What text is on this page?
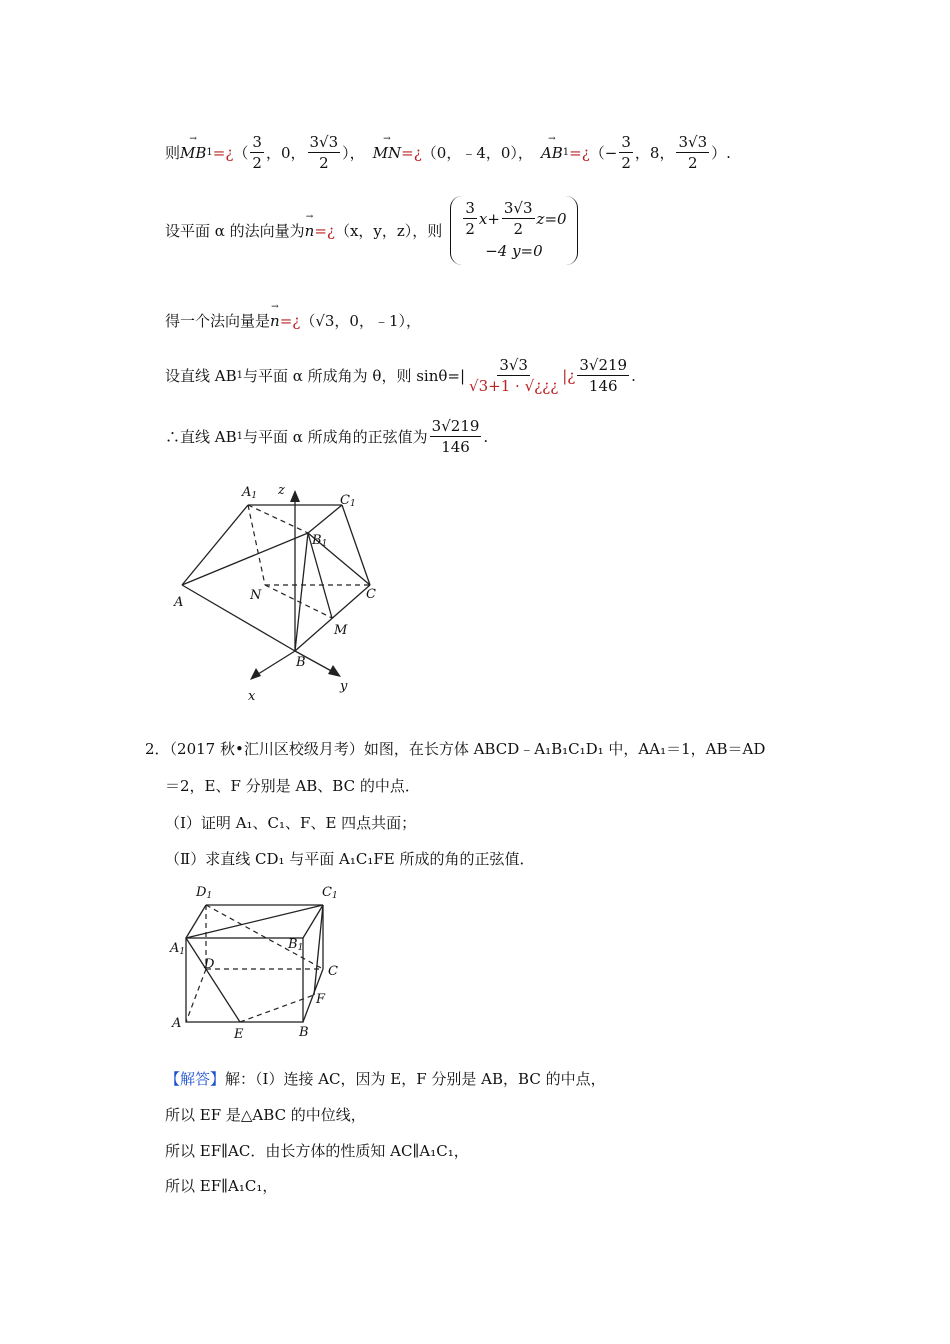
则 → MB 1 =¿ （ $\frac{3}{2}$ ，0， $\frac{3√3}{2}$ ）， → MN =¿ （0，﹣4，0）， → AB 1 =¿ （− $\frac{3}{2}$ ，8， $\frac{3√3}{2}$ ）.
设平面 α 的法向量为 → n =¿ （x，y，z），则 $\frac{3}{2} x+ \frac{3√3}{2} z=0$
−4 y=0
得一个法向量是 → n =¿ （√3，0，﹣1），
设直线 AB 1 与平面 α 所成角为 θ，则 $\sin\theta=| \frac{3√3}{√3+1 \cdot √¿¿¿}$ |¿ $\frac{3√219}{146}$ .
∴直线 AB 1 与平面 α 所成角的正弦值为 $\frac{3√219}{146}$ .
A1 z
C1
B1
A	N	C
M
B
x
y
2．（2017 秋•汇川区校级月考）如图，在长方体 ABCD﹣A₁B₁C₁D₁ 中，AA₁＝1，AB＝AD
＝2，E、F 分别是 AB、BC 的中点．
（Ⅰ）证明 A₁、C₁、F、E 四点共面；
（Ⅱ）求直线 CD₁ 与平面 A₁C₁FE 所成的角的正弦值．
D1	C1
A1	B1
D	C
F
A
E	B
【解答】 解：（Ⅰ）连接 AC，因为 E，F 分别是 AB，BC 的中点，
所以 EF 是△ABC 的中位线，
所以 EF∥AC．由长方体的性质知 AC∥A₁C₁，
所以 EF∥A₁C₁，
